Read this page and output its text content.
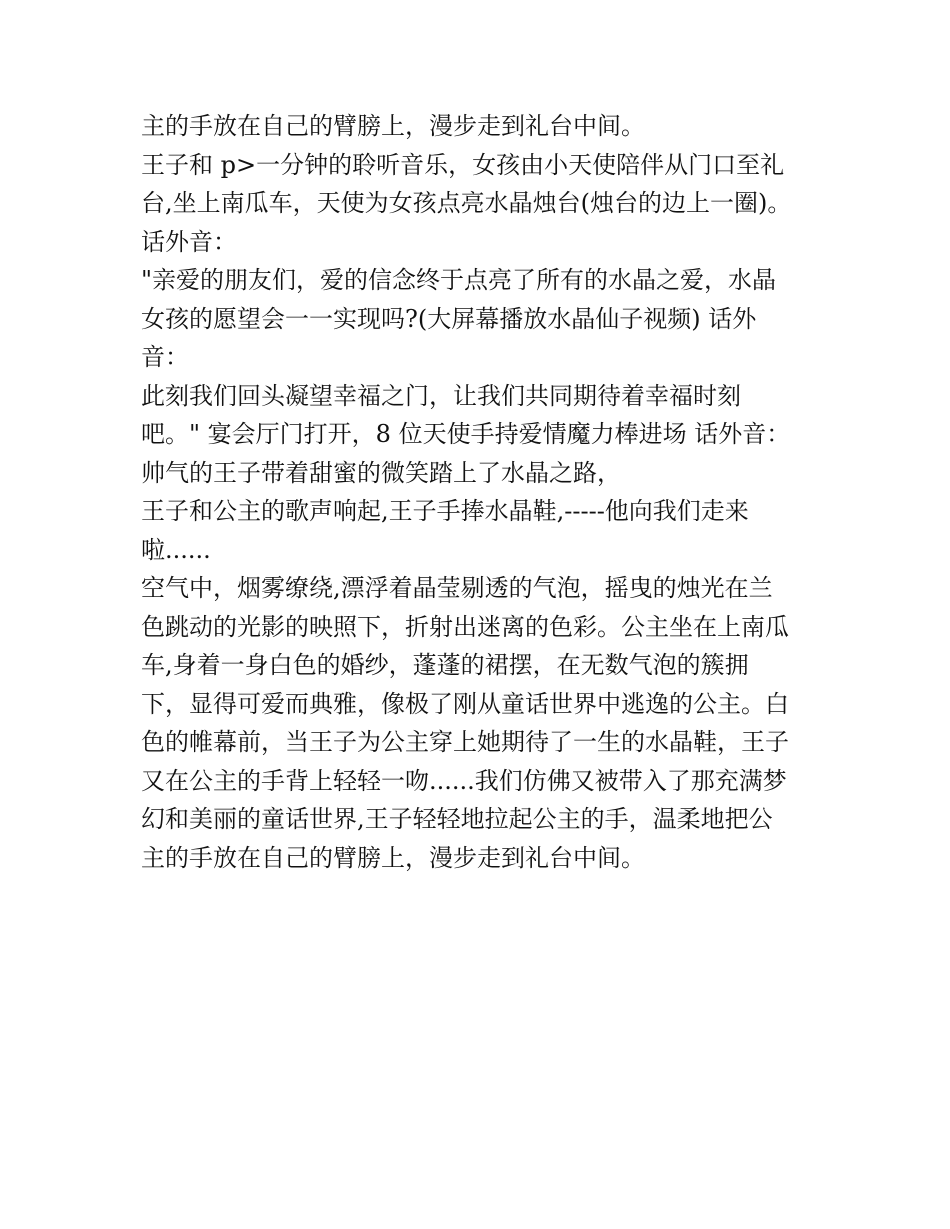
主的手放在自己的臂膀上，漫步走到礼台中间。
王子和 p>一分钟的聆听音乐，女孩由小天使陪伴从门口至礼
台,坐上南瓜车，天使为女孩点亮水晶烛台(烛台的边上一圈)。
话外音：
"亲爱的朋友们，爱的信念终于点亮了所有的水晶之爱，水晶
女孩的愿望会一一实现吗?(大屏幕播放水晶仙子视频) 话外
音：
此刻我们回头凝望幸福之门，让我们共同期待着幸福时刻
吧。" 宴会厅门打开，8 位天使手持爱情魔力棒进场 话外音：
帅气的王子带着甜蜜的微笑踏上了水晶之路，
王子和公主的歌声响起,王子手捧水晶鞋,-----他向我们走来
啦......
空气中，烟雾缭绕,漂浮着晶莹剔透的气泡，摇曳的烛光在兰
色跳动的光影的映照下，折射出迷离的色彩。公主坐在上南瓜
车,身着一身白色的婚纱，蓬蓬的裙摆，在无数气泡的簇拥
下，显得可爱而典雅，像极了刚从童话世界中逃逸的公主。白
色的帷幕前，当王子为公主穿上她期待了一生的水晶鞋，王子
又在公主的手背上轻轻一吻......我们仿佛又被带入了那充满梦
幻和美丽的童话世界,王子轻轻地拉起公主的手，温柔地把公
主的手放在自己的臂膀上，漫步走到礼台中间。
